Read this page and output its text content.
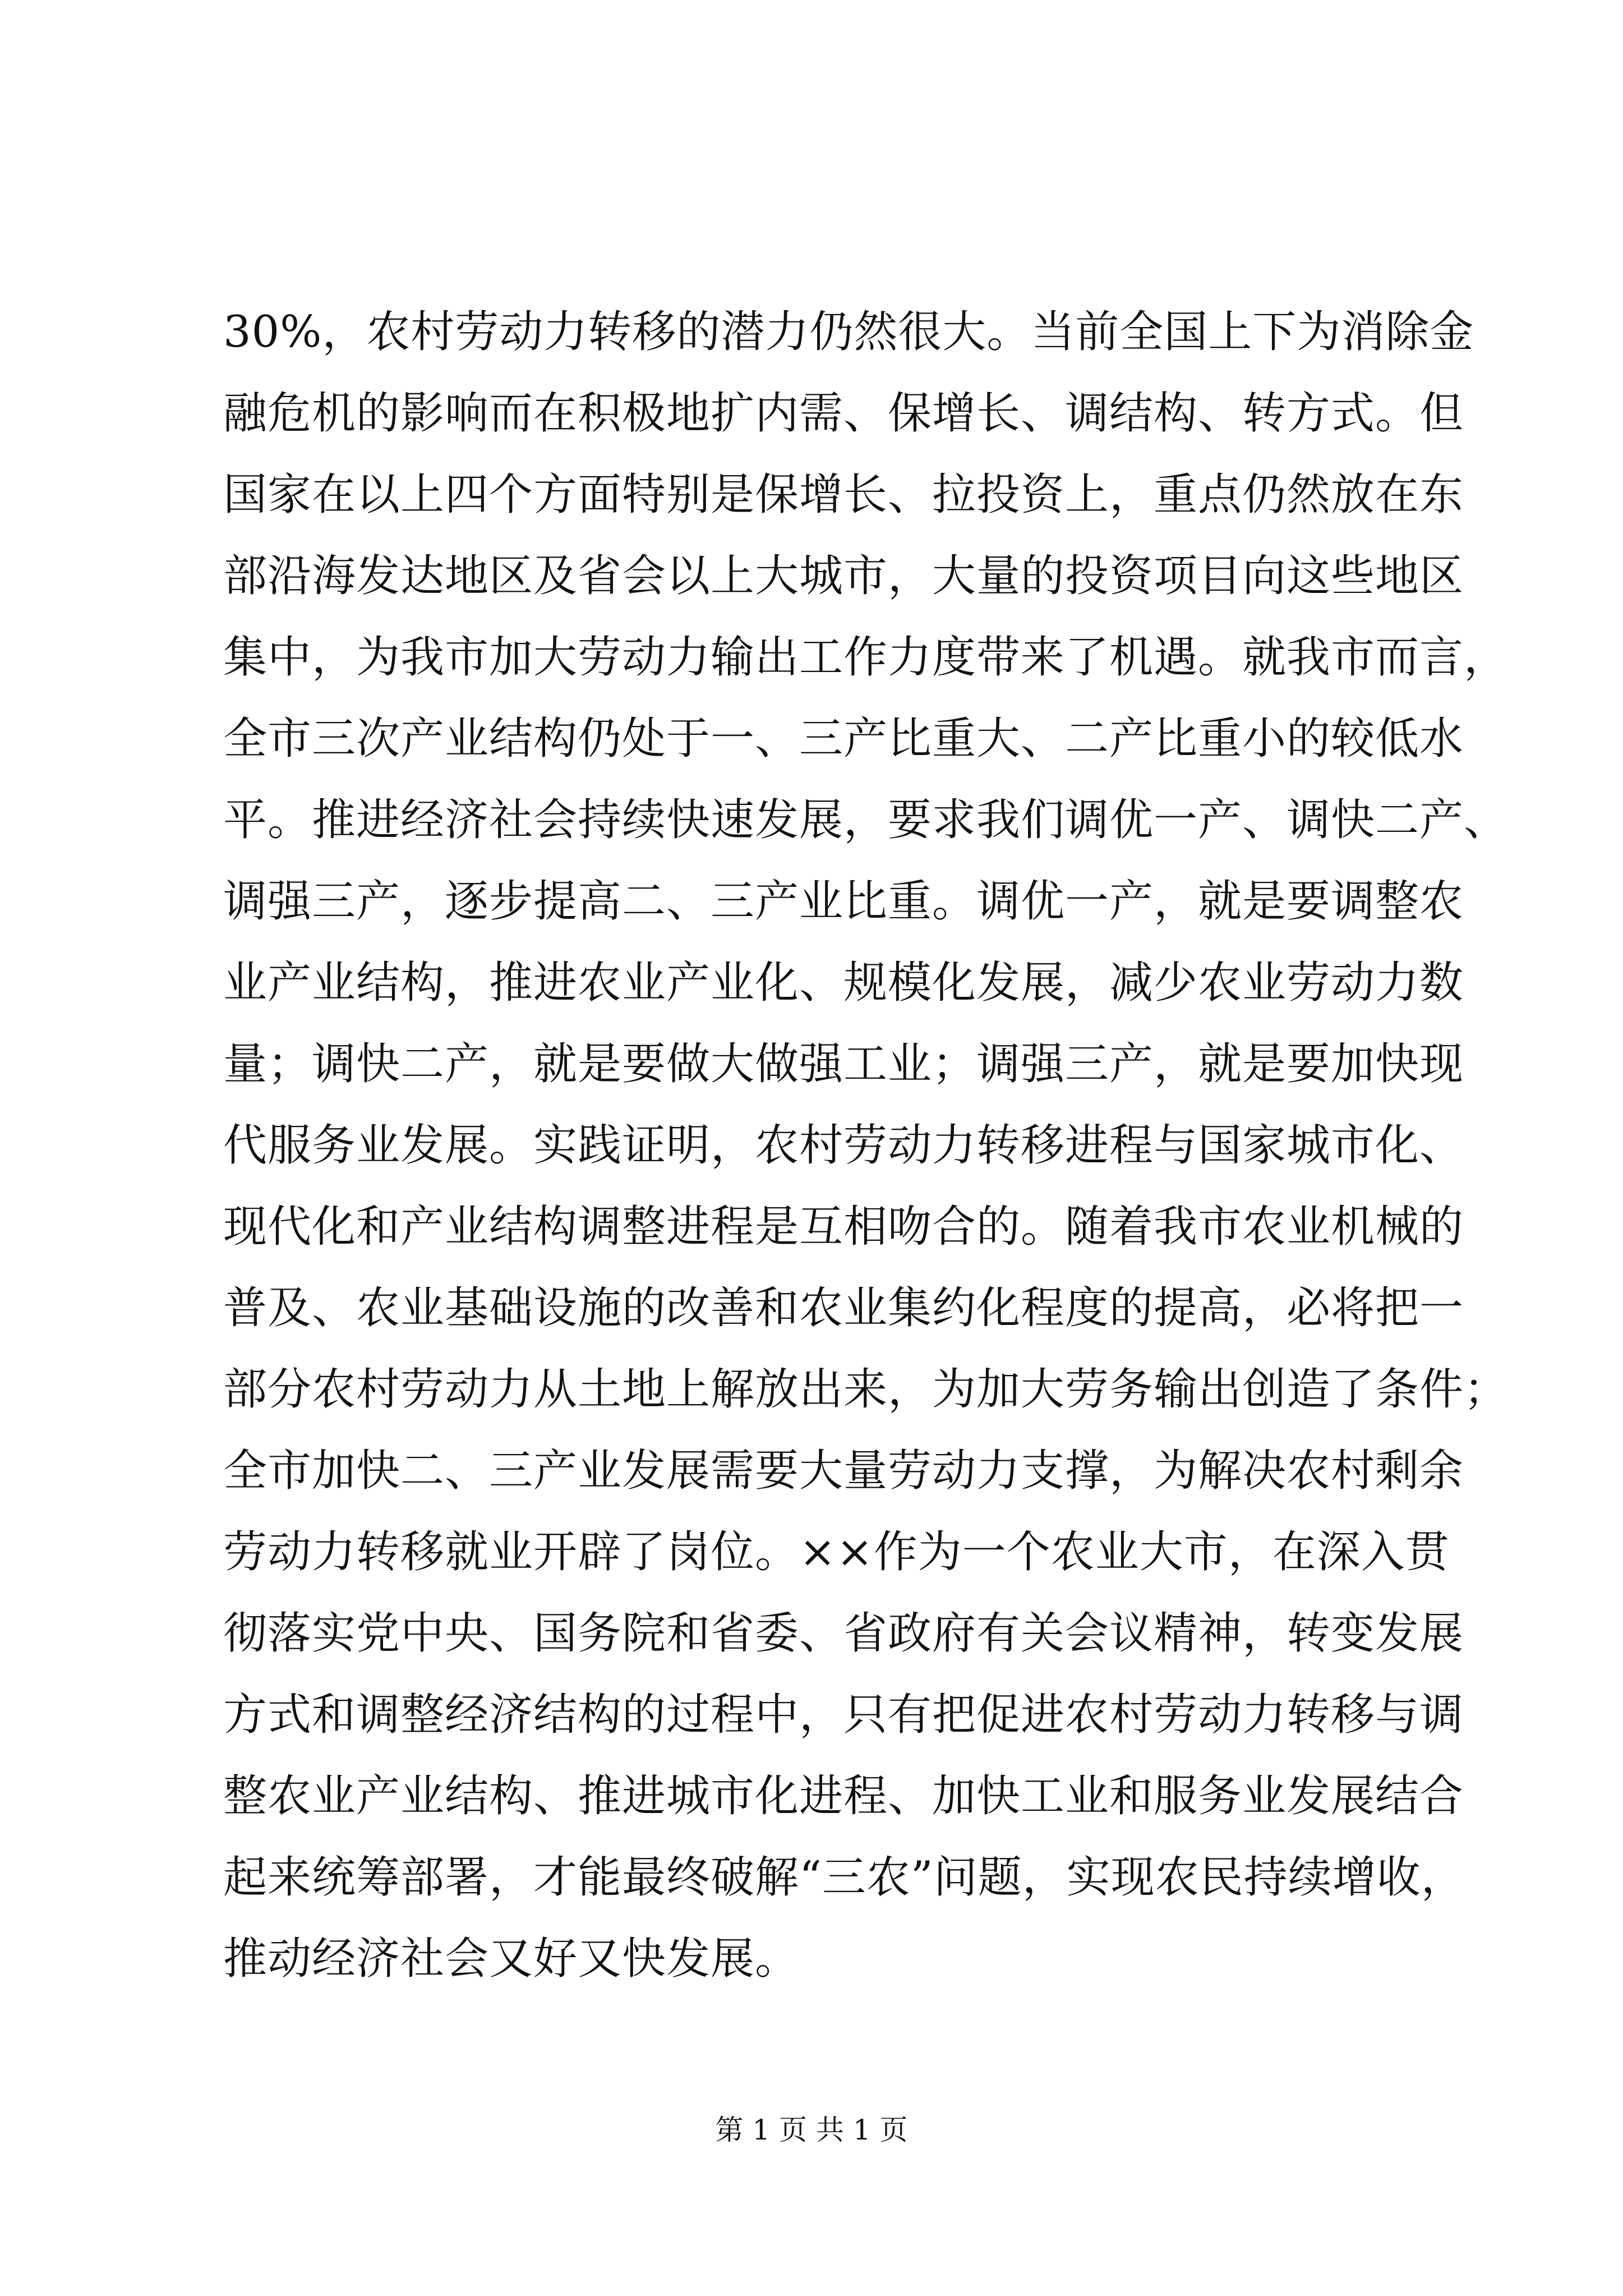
30%，农村劳动力转移的潜力仍然很大。当前全国上下为消除金
融危机的影响而在积极地扩内需、保增长、调结构、转方式。但
国家在以上四个方面特别是保增长、拉投资上，重点仍然放在东
部沿海发达地区及省会以上大城市，大量的投资项目向这些地区
集中，为我市加大劳动力输出工作力度带来了机遇。就我市而言，
全市三次产业结构仍处于一、三产比重大、二产比重小的较低水
平。推进经济社会持续快速发展，要求我们调优一产、调快二产、
调强三产，逐步提高二、三产业比重。调优一产，就是要调整农
业产业结构，推进农业产业化、规模化发展，减少农业劳动力数
量；调快二产，就是要做大做强工业；调强三产，就是要加快现
代服务业发展。实践证明，农村劳动力转移进程与国家城市化、
现代化和产业结构调整进程是互相吻合的。随着我市农业机械的
普及、农业基础设施的改善和农业集约化程度的提高，必将把一
部分农村劳动力从土地上解放出来，为加大劳务输出创造了条件；
全市加快二、三产业发展需要大量劳动力支撑，为解决农村剩余
劳动力转移就业开辟了岗位。××作为一个农业大市，在深入贯
彻落实党中央、国务院和省委、省政府有关会议精神，转变发展
方式和调整经济结构的过程中，只有把促进农村劳动力转移与调
整农业产业结构、推进城市化进程、加快工业和服务业发展结合
起来统筹部署，才能最终破解“三农”问题，实现农民持续增收，
推动经济社会又好又快发展。
第 1 页 共 1 页
